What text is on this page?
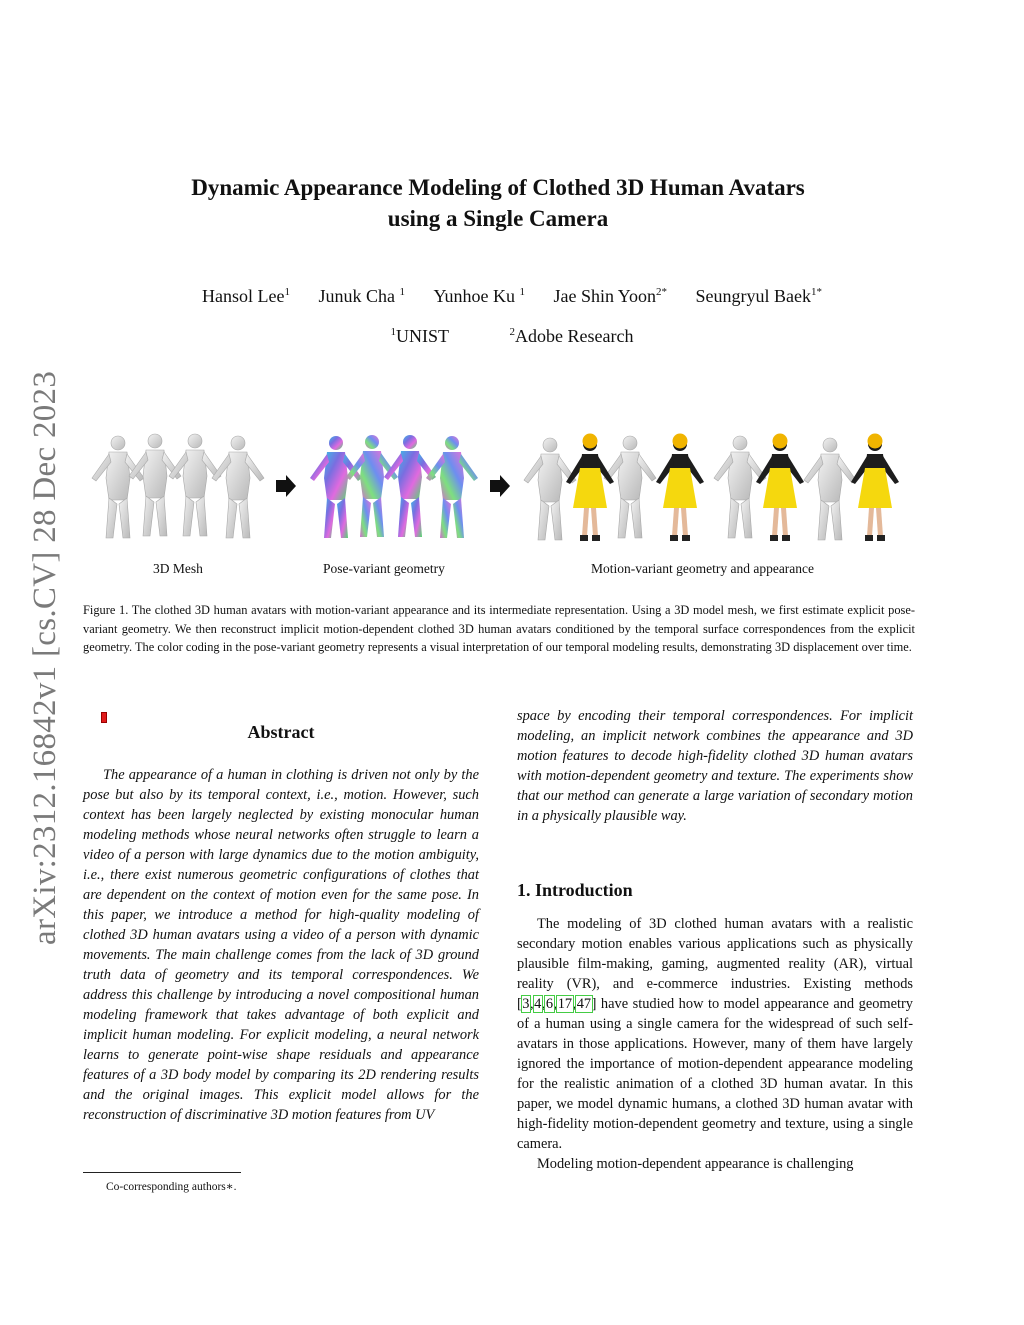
arXiv:2312.16842v1 [cs.CV] 28 Dec 2023
Dynamic Appearance Modeling of Clothed 3D Human Avatars
using a Single Camera
Hansol Lee$^1$ Junuk Cha $^1$ Yunhoe Ku $^1$ Jae Shin Yoon$^{2*}$ Seungryul Baek$^{1*}$
$^1$UNIST	$^2$Adobe Research
3D Mesh	Pose-variant geometry	Motion-variant geometry and appearance
Figure 1. The clothed 3D human avatars with motion-variant appearance and its intermediate representation. Using a 3D model mesh, we first estimate explicit pose-variant geometry. We then reconstruct implicit motion-dependent clothed 3D human avatars conditioned by the temporal surface correspondences from the explicit geometry. The color coding in the pose-variant geometry represents a visual interpretation of our temporal modeling results, demonstrating 3D displacement over time.
Abstract

The appearance of a human in clothing is driven not only by the pose but also by its temporal context, i.e., motion. However, such context has been largely neglected by existing monocular human modeling methods whose neural networks often struggle to learn a video of a person with large dynamics due to the motion ambiguity, i.e., there exist numerous geometric configurations of clothes that are dependent on the context of motion even for the same pose. In this paper, we introduce a method for high-quality modeling of clothed 3D human avatars using a video of a person with dynamic movements. The main challenge comes from the lack of 3D ground truth data of geometry and its temporal correspondences. We address this challenge by introducing a novel compositional human modeling framework that takes advantage of both explicit and implicit human modeling. For explicit modeling, a neural network learns to generate point-wise shape residuals and appearance features of a 3D body model by comparing its 2D rendering results and the original images. This explicit model allows for the reconstruction of discriminative 3D motion features from UV

space by encoding their temporal correspondences. For implicit modeling, an implicit network combines the appearance and 3D motion features to decode high-fidelity clothed 3D human avatars with motion-dependent geometry and texture. The experiments show that our method can generate a large variation of secondary motion in a physically plausible way.

1. Introduction

The modeling of 3D clothed human avatars with a realistic secondary motion enables various applications such as physically plausible film-making, gaming, augmented reality (AR), virtual reality (VR), and e-commerce industries. Existing methods [3,4,6,17,47] have studied how to model appearance and geometry of a human using a single camera for the widespread of such self-avatars in those applications. However, many of them have largely ignored the importance of motion-dependent appearance modeling for the realistic animation of a clothed 3D human avatar. In this paper, we model dynamic humans, a clothed 3D human avatar with high-fidelity motion-dependent geometry and texture, using a single camera.

Modeling motion-dependent appearance is challenging

Co-corresponding authors∗.
